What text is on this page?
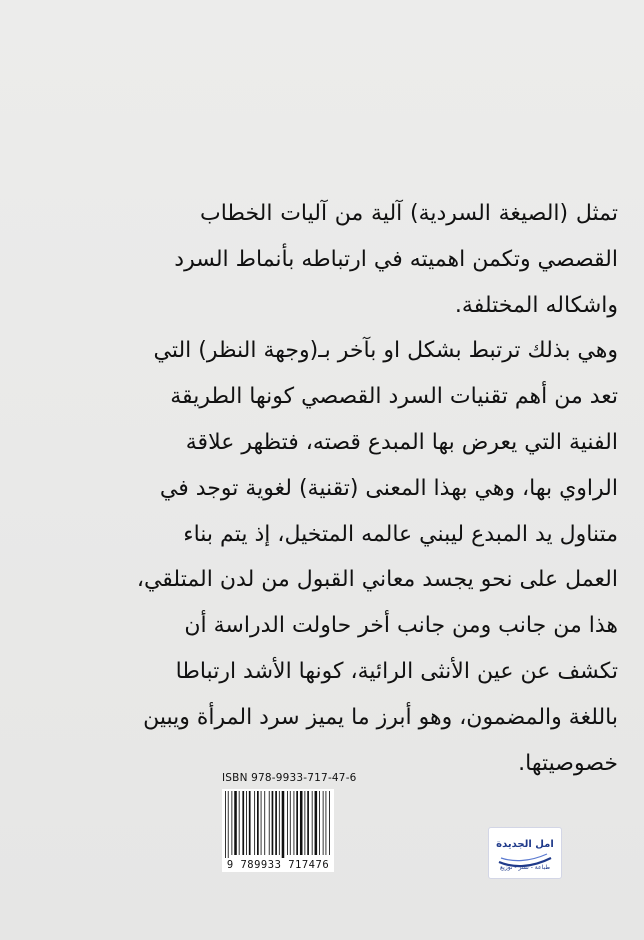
تمثل (الصيغة السردية) آلية من آليات الخطاب
القصصي وتكمن اهميته في ارتباطه بأنماط السرد
واشكاله المختلفة.
وهي بذلك ترتبط بشكل او بآخر بـ(وجهة النظر) التي
تعد من أهم تقنيات السرد القصصي كونها الطريقة
الفنية التي يعرض بها المبدع قصته، فتظهر علاقة
الراوي بها، وهي بهذا المعنى (تقنية) لغوية توجد في
متناول يد المبدع ليبني عالمه المتخيل، إذ يتم بناء
العمل على نحو يجسد معاني القبول من لدن المتلقي،
هذا من جانب ومن جانب أخر حاولت الدراسة أن
تكشف عن عين الأنثى الرائية، كونها الأشد ارتباطا
باللغة والمضمون، وهو أبرز ما يميز سرد المرأة ويبين
خصوصيتها.
ISBN 978-9933-717-47-6
9 789933 717476
امل الجديدة
طباعة - نشر - توزيع
